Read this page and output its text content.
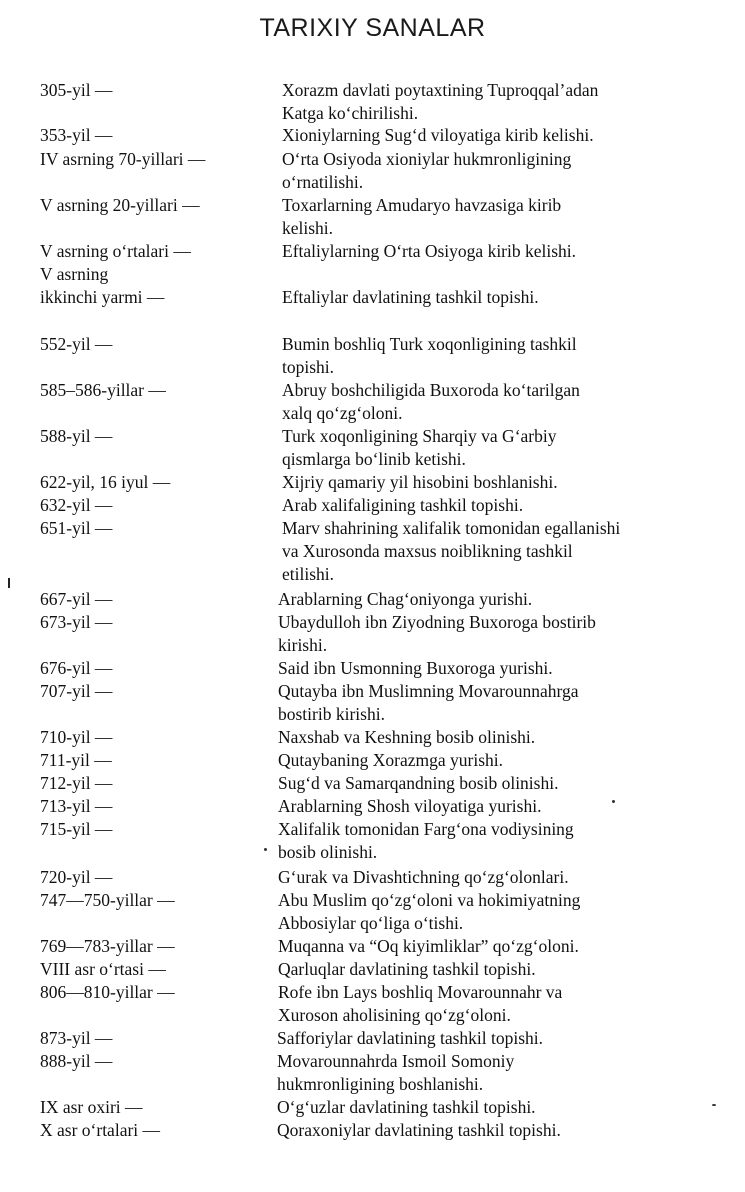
TARIXIY SANALAR
305-yil —	Xorazm davlati poytaxtining Tuproqqal’adan
Katga ko‘chirilishi.
353-yil —	Xioniylarning Sug‘d viloyatiga kirib kelishi.
IV asrning 70-yillari —	O‘rta Osiyoda xioniylar hukmronligining
o‘rnatilishi.
V asrning 20-yillari —	Toxarlarning Amudaryo havzasiga kirib
kelishi.
V asrning o‘rtalari —	Eftaliylarning O‘rta Osiyoga kirib kelishi.
V asrning
ikkinchi yarmi —	Eftaliylar davlatining tashkil topishi.
552-yil —	Bumin boshliq Turk xoqonligining tashkil
topishi.
585–586-yillar —	Abruy boshchiligida Buxoroda ko‘tarilgan
xalq qo‘zg‘oloni.
588-yil —	Turk xoqonligining Sharqiy va G‘arbiy
qismlarga bo‘linib ketishi.
622-yil, 16 iyul —	Xijriy qamariy yil hisobini boshlanishi.
632-yil —	Arab xalifaligining tashkil topishi.
651-yil —	Marv shahrining xalifalik tomonidan egallanishi
va Xurosonda maxsus noiblikning tashkil
etilishi.
667-yil —	Arablarning Chag‘oniyonga yurishi.
673-yil —	Ubaydulloh ibn Ziyodning Buxoroga bostirib
kirishi.
676-yil —	Said ibn Usmonning Buxoroga yurishi.
707-yil —	Qutayba ibn Muslimning Movarounnahrga
bostirib kirishi.
710-yil —	Naxshab va Keshning bosib olinishi.
711-yil —	Qutaybaning Xorazmga yurishi.
712-yil —	Sug‘d va Samarqandning bosib olinishi.
713-yil —	Arablarning Shosh viloyatiga yurishi.
715-yil —	Xalifalik tomonidan Farg‘ona vodiysining
bosib olinishi.
720-yil —	G‘urak va Divashtichning qo‘zg‘olonlari.
747—750-yillar —	Abu Muslim qo‘zg‘oloni va hokimiyatning
Abbosiylar qo‘liga o‘tishi.
769—783-yillar —	Muqanna va “Oq kiyimliklar” qo‘zg‘oloni.
VIII asr o‘rtasi —	Qarluqlar davlatining tashkil topishi.
806—810-yillar —	Rofe ibn Lays boshliq Movarounnahr va
Xuroson aholisining qo‘zg‘oloni.
873-yil —	Safforiylar davlatining tashkil topishi.
888-yil —	Movarounnahrda Ismoil Somoniy
hukmronligining boshlanishi.
IX asr oxiri —	O‘g‘uzlar davlatining tashkil topishi.
X asr o‘rtalari —	Qoraxoniylar davlatining tashkil topishi.
